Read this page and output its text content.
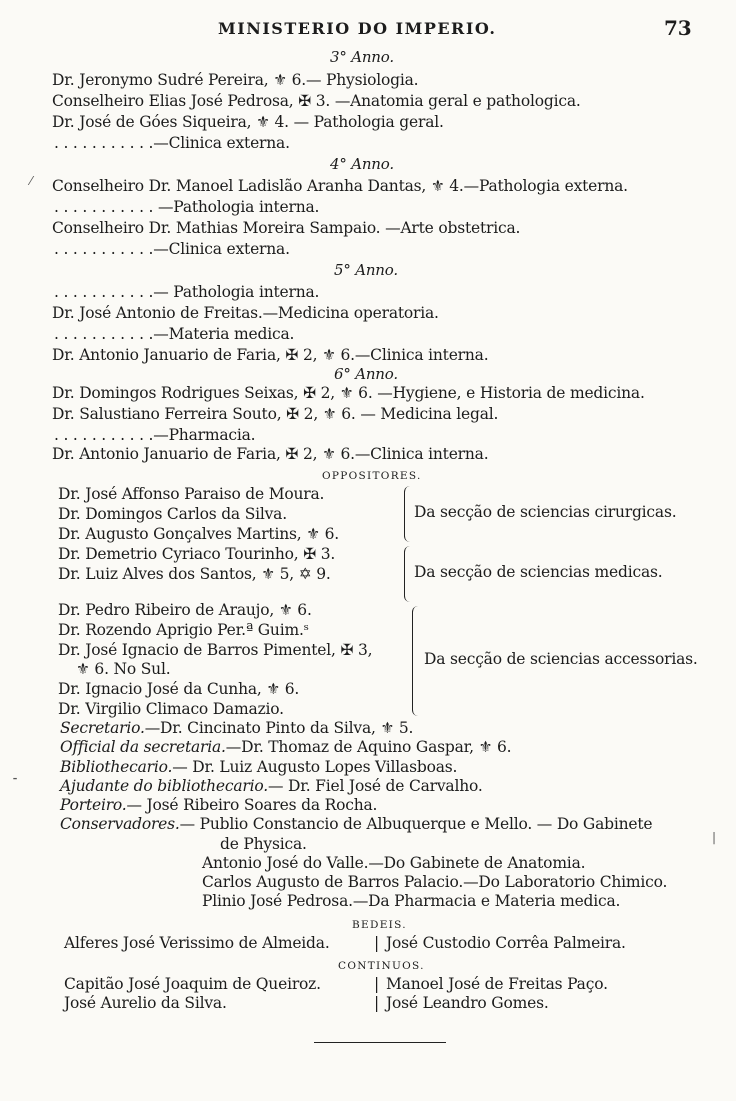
MINISTERIO DO IMPERIO.	73
3° Anno.
Dr. Jeronymo Sudré Pereira, ⚜ 6.— Physiologia.
Conselheiro Elias José Pedrosa, ✠ 3. —Anatomia geral e pathologica.
Dr. José de Góes Siqueira, ⚜ 4. — Pathologia geral.
. . . . . . . . . . .—Clinica externa.
4° Anno.
Conselheiro Dr. Manoel Ladislão Aranha Dantas, ⚜ 4.—Pathologia externa.
. . . . . . . . . . . —Pathologia interna.
Conselheiro Dr. Mathias Moreira Sampaio. —Arte obstetrica.
. . . . . . . . . . .—Clinica externa.
5° Anno.
. . . . . . . . . . .— Pathologia interna.
Dr. José Antonio de Freitas.—Medicina operatoria.
. . . . . . . . . . .—Materia medica.
Dr. Antonio Januario de Faria, ✠ 2, ⚜ 6.—Clinica interna.
6° Anno.
Dr. Domingos Rodrigues Seixas, ✠ 2, ⚜ 6. —Hygiene, e Historia de medicina.
Dr. Salustiano Ferreira Souto, ✠ 2, ⚜ 6. — Medicina legal.
. . . . . . . . . . .—Pharmacia.
Dr. Antonio Januario de Faria, ✠ 2, ⚜ 6.—Clinica interna.
OPPOSITORES.
Dr. José Affonso Paraiso de Moura.
Dr. Domingos Carlos da Silva.
Dr. Augusto Gonçalves Martins, ⚜ 6.
Dr. Demetrio Cyriaco Tourinho, ✠ 3.
Dr. Luiz Alves dos Santos, ⚜ 5, ✡ 9.
Dr. Pedro Ribeiro de Araujo, ⚜ 6.
Dr. Rozendo Aprigio Per.ª Guim.ˢ
Dr. José Ignacio de Barros Pimentel, ✠ 3,
⚜ 6. No Sul.
Dr. Ignacio José da Cunha, ⚜ 6.
Dr. Virgilio Climaco Damazio.
Da secção de sciencias cirurgicas.
Da secção de sciencias medicas.
Da secção de sciencias accessorias.
Secretario.—Dr. Cincinato Pinto da Silva, ⚜ 5.
Official da secretaria.—Dr. Thomaz de Aquino Gaspar, ⚜ 6.
Bibliothecario.— Dr. Luiz Augusto Lopes Villasboas.
Ajudante do bibliothecario.— Dr. Fiel José de Carvalho.
Porteiro.— José Ribeiro Soares da Rocha.
Conservadores.— Publio Constancio de Albuquerque e Mello. — Do Gabinete
de Physica.
Antonio José do Valle.—Do Gabinete de Anatomia.
Carlos Augusto de Barros Palacio.—Do Laboratorio Chimico.
Plinio José Pedrosa.—Da Pharmacia e Materia medica.
BEDEIS.
Alferes José Verissimo de Almeida.	| José Custodio Corrêa Palmeira.
CONTINUOS.
Capitão José Joaquim de Queiroz.
José Aurelio da Silva.
|
|
Manoel José de Freitas Paço.
José Leandro Gomes.
⁄
⁃
|
